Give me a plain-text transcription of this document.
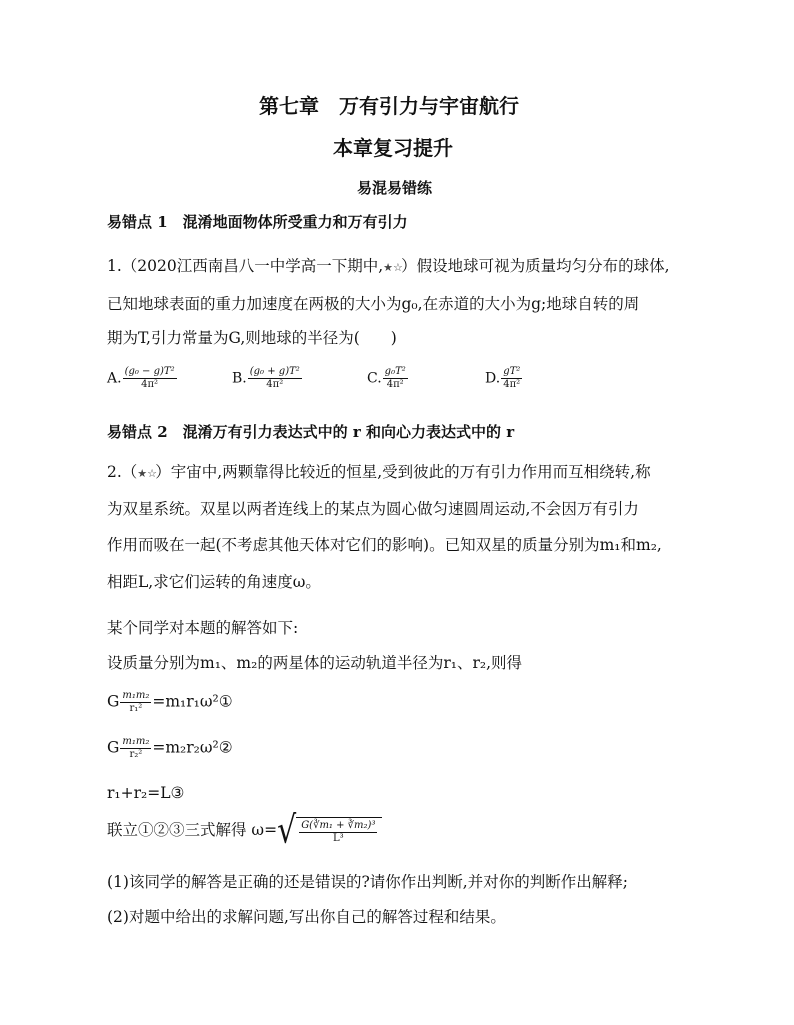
第七章　万有引力与宇宙航行
本章复习提升
易混易错练
易错点 1　混淆地面物体所受重力和万有引力
1.（2020江西南昌八一中学高一下期中,★☆）假设地球可视为质量均匀分布的球体,
已知地球表面的重力加速度在两极的大小为g₀,在赤道的大小为g;地球自转的周
期为T,引力常量为G,则地球的半径为(　　)
A. $\frac{\text{(g₀ − g)T²}}{\text{4π²}}$	B. $\frac{\text{(g₀ + g)T²}}{\text{4π²}}$	C. $\frac{\text{g₀T²}}{\text{4π²}}$	D. $\frac{\text{gT²}}{\text{4π²}}$
易错点 2　混淆万有引力表达式中的 r 和向心力表达式中的 r
2.（★☆）宇宙中,两颗靠得比较近的恒星,受到彼此的万有引力作用而互相绕转,称
为双星系统。双星以两者连线上的某点为圆心做匀速圆周运动,不会因万有引力
作用而吸在一起(不考虑其他天体对它们的影响)。已知双星的质量分别为m₁和m₂,
相距L,求它们运转的角速度ω。
某个同学对本题的解答如下:
设质量分别为m₁、m₂的两星体的运动轨道半径为r₁、r₂,则得
G $\frac{\text{m₁m₂}}{\text{r₁²}}$ =m₁r₁ω²①
G $\frac{\text{m₁m₂}}{\text{r₂²}}$ =m₂r₂ω²②
r₁+r₂=L③
联立①②③三式解得 ω= √ $\frac{\text{G(∛m₁ + ∛m₂)³}}{\text{L³}}$
(1)该同学的解答是正确的还是错误的?请你作出判断,并对你的判断作出解释;
(2)对题中给出的求解问题,写出你自己的解答过程和结果。
